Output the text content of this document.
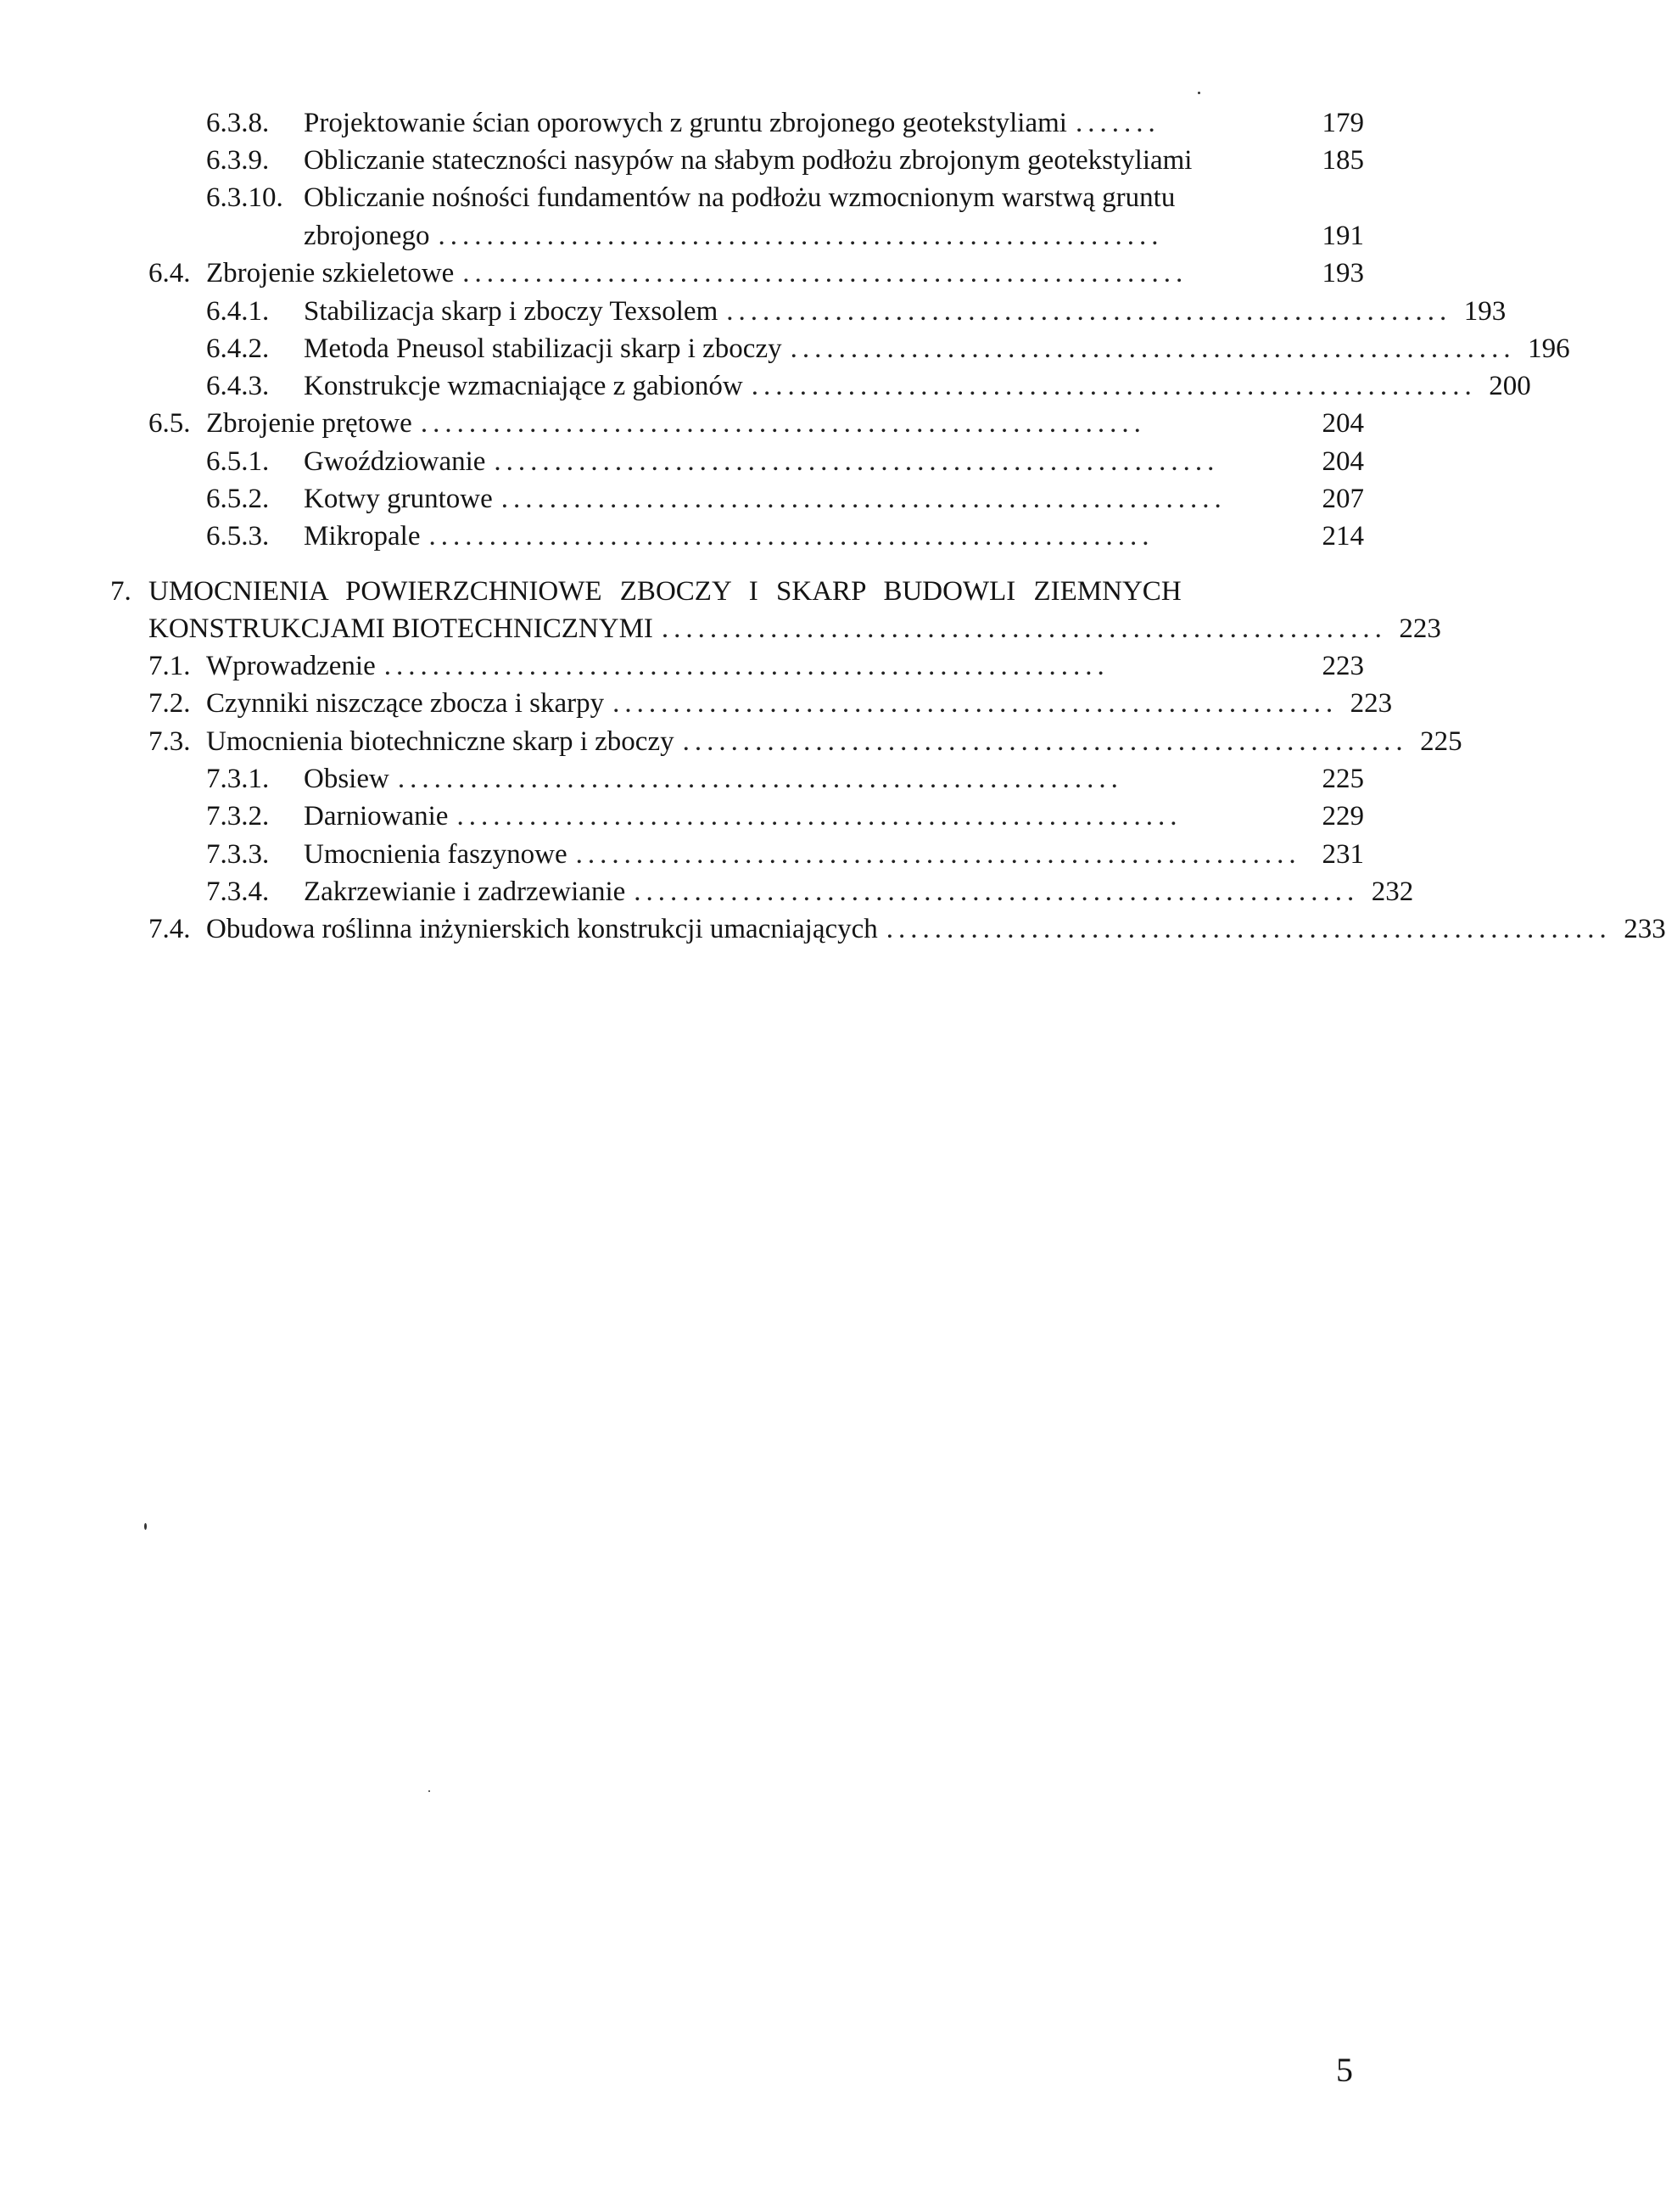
6.3.8.	Projektowanie ścian oporowych z gruntu zbrojonego geotekstyliami .......	179
6.3.9.	Obliczanie stateczności nasypów na słabym podłożu zbrojonym geotekstyliami	185
6.3.10. Obliczanie nośności fundamentów na podłożu wzmocnionym warstwą gruntu
zbrojonego ............................................................	191
6.4. Zbrojenie szkieletowe ............................................................	193
6.4.1.	Stabilizacja skarp i zboczy Texsolem ............................................................ 193
6.4.2.	Metoda Pneusol stabilizacji skarp i zboczy ............................................................ 196
6.4.3.	Konstrukcje wzmacniające z gabionów ............................................................ 200
6.5. Zbrojenie prętowe ............................................................	204
6.5.1.	Gwoździowanie ............................................................	204
6.5.2.	Kotwy gruntowe ............................................................	207
6.5.3.	Mikropale ............................................................	214
7. UMOCNIENIA POWIERZCHNIOWE ZBOCZY I SKARP BUDOWLI ZIEMNYCH
KONSTRUKCJAMI BIOTECHNICZNYMI ............................................................ 223
7.1. Wprowadzenie ............................................................	223
7.2. Czynniki niszczące zbocza i skarpy ............................................................ 223
7.3. Umocnienia biotechniczne skarp i zboczy ............................................................ 225
7.3.1.	Obsiew ............................................................	225
7.3.2.	Darniowanie ............................................................	229
7.3.3.	Umocnienia faszynowe ............................................................ 231
7.3.4.	Zakrzewianie i zadrzewianie ............................................................ 232
7.4. Obudowa roślinna inżynierskich konstrukcji umacniających ............................................................ 233
5
